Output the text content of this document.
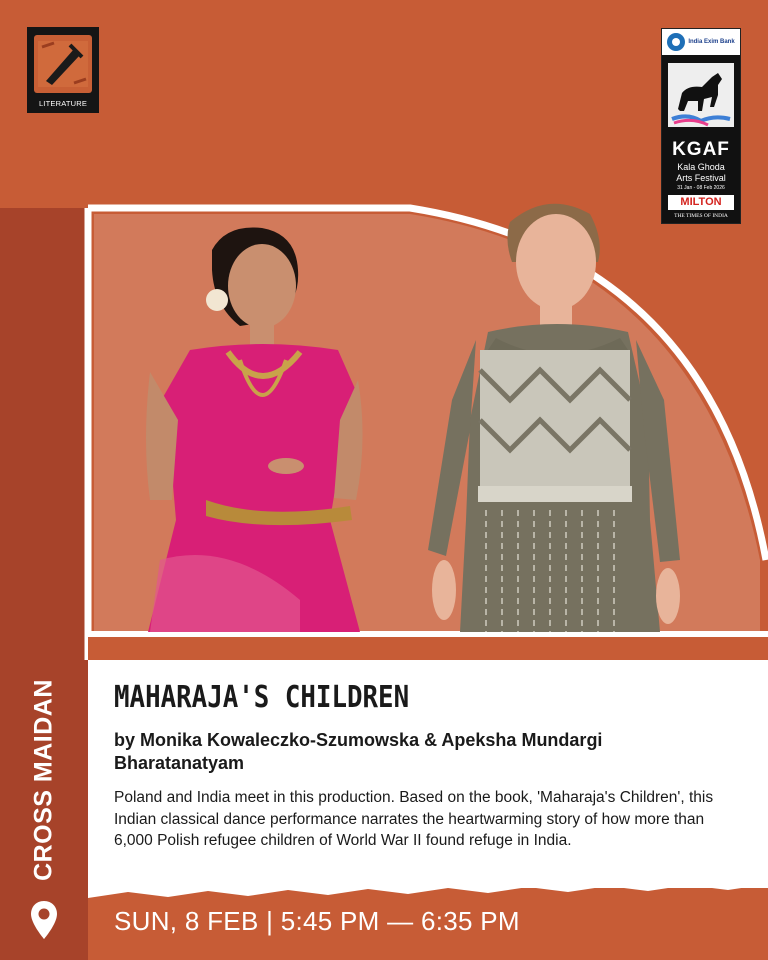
CROSS MAIDAN
LITERATURE
India Exim Bank
KGAF
Kala Ghoda
Arts Festival
31 Jan - 08 Feb 2026
MILTON
THE TIMES OF INDIA
MAHARAJA'S CHILDREN
by Monika Kowaleczko-Szumowska & Apeksha Mundargi
Bharatanatyam
Poland and India meet in this production. Based on the book, 'Maharaja's Children', this Indian classical dance performance narrates the heartwarming story of how more than 6,000 Polish refugee children of World War II found refuge in India.
SUN, 8 FEB | 5:45 PM — 6:35 PM
